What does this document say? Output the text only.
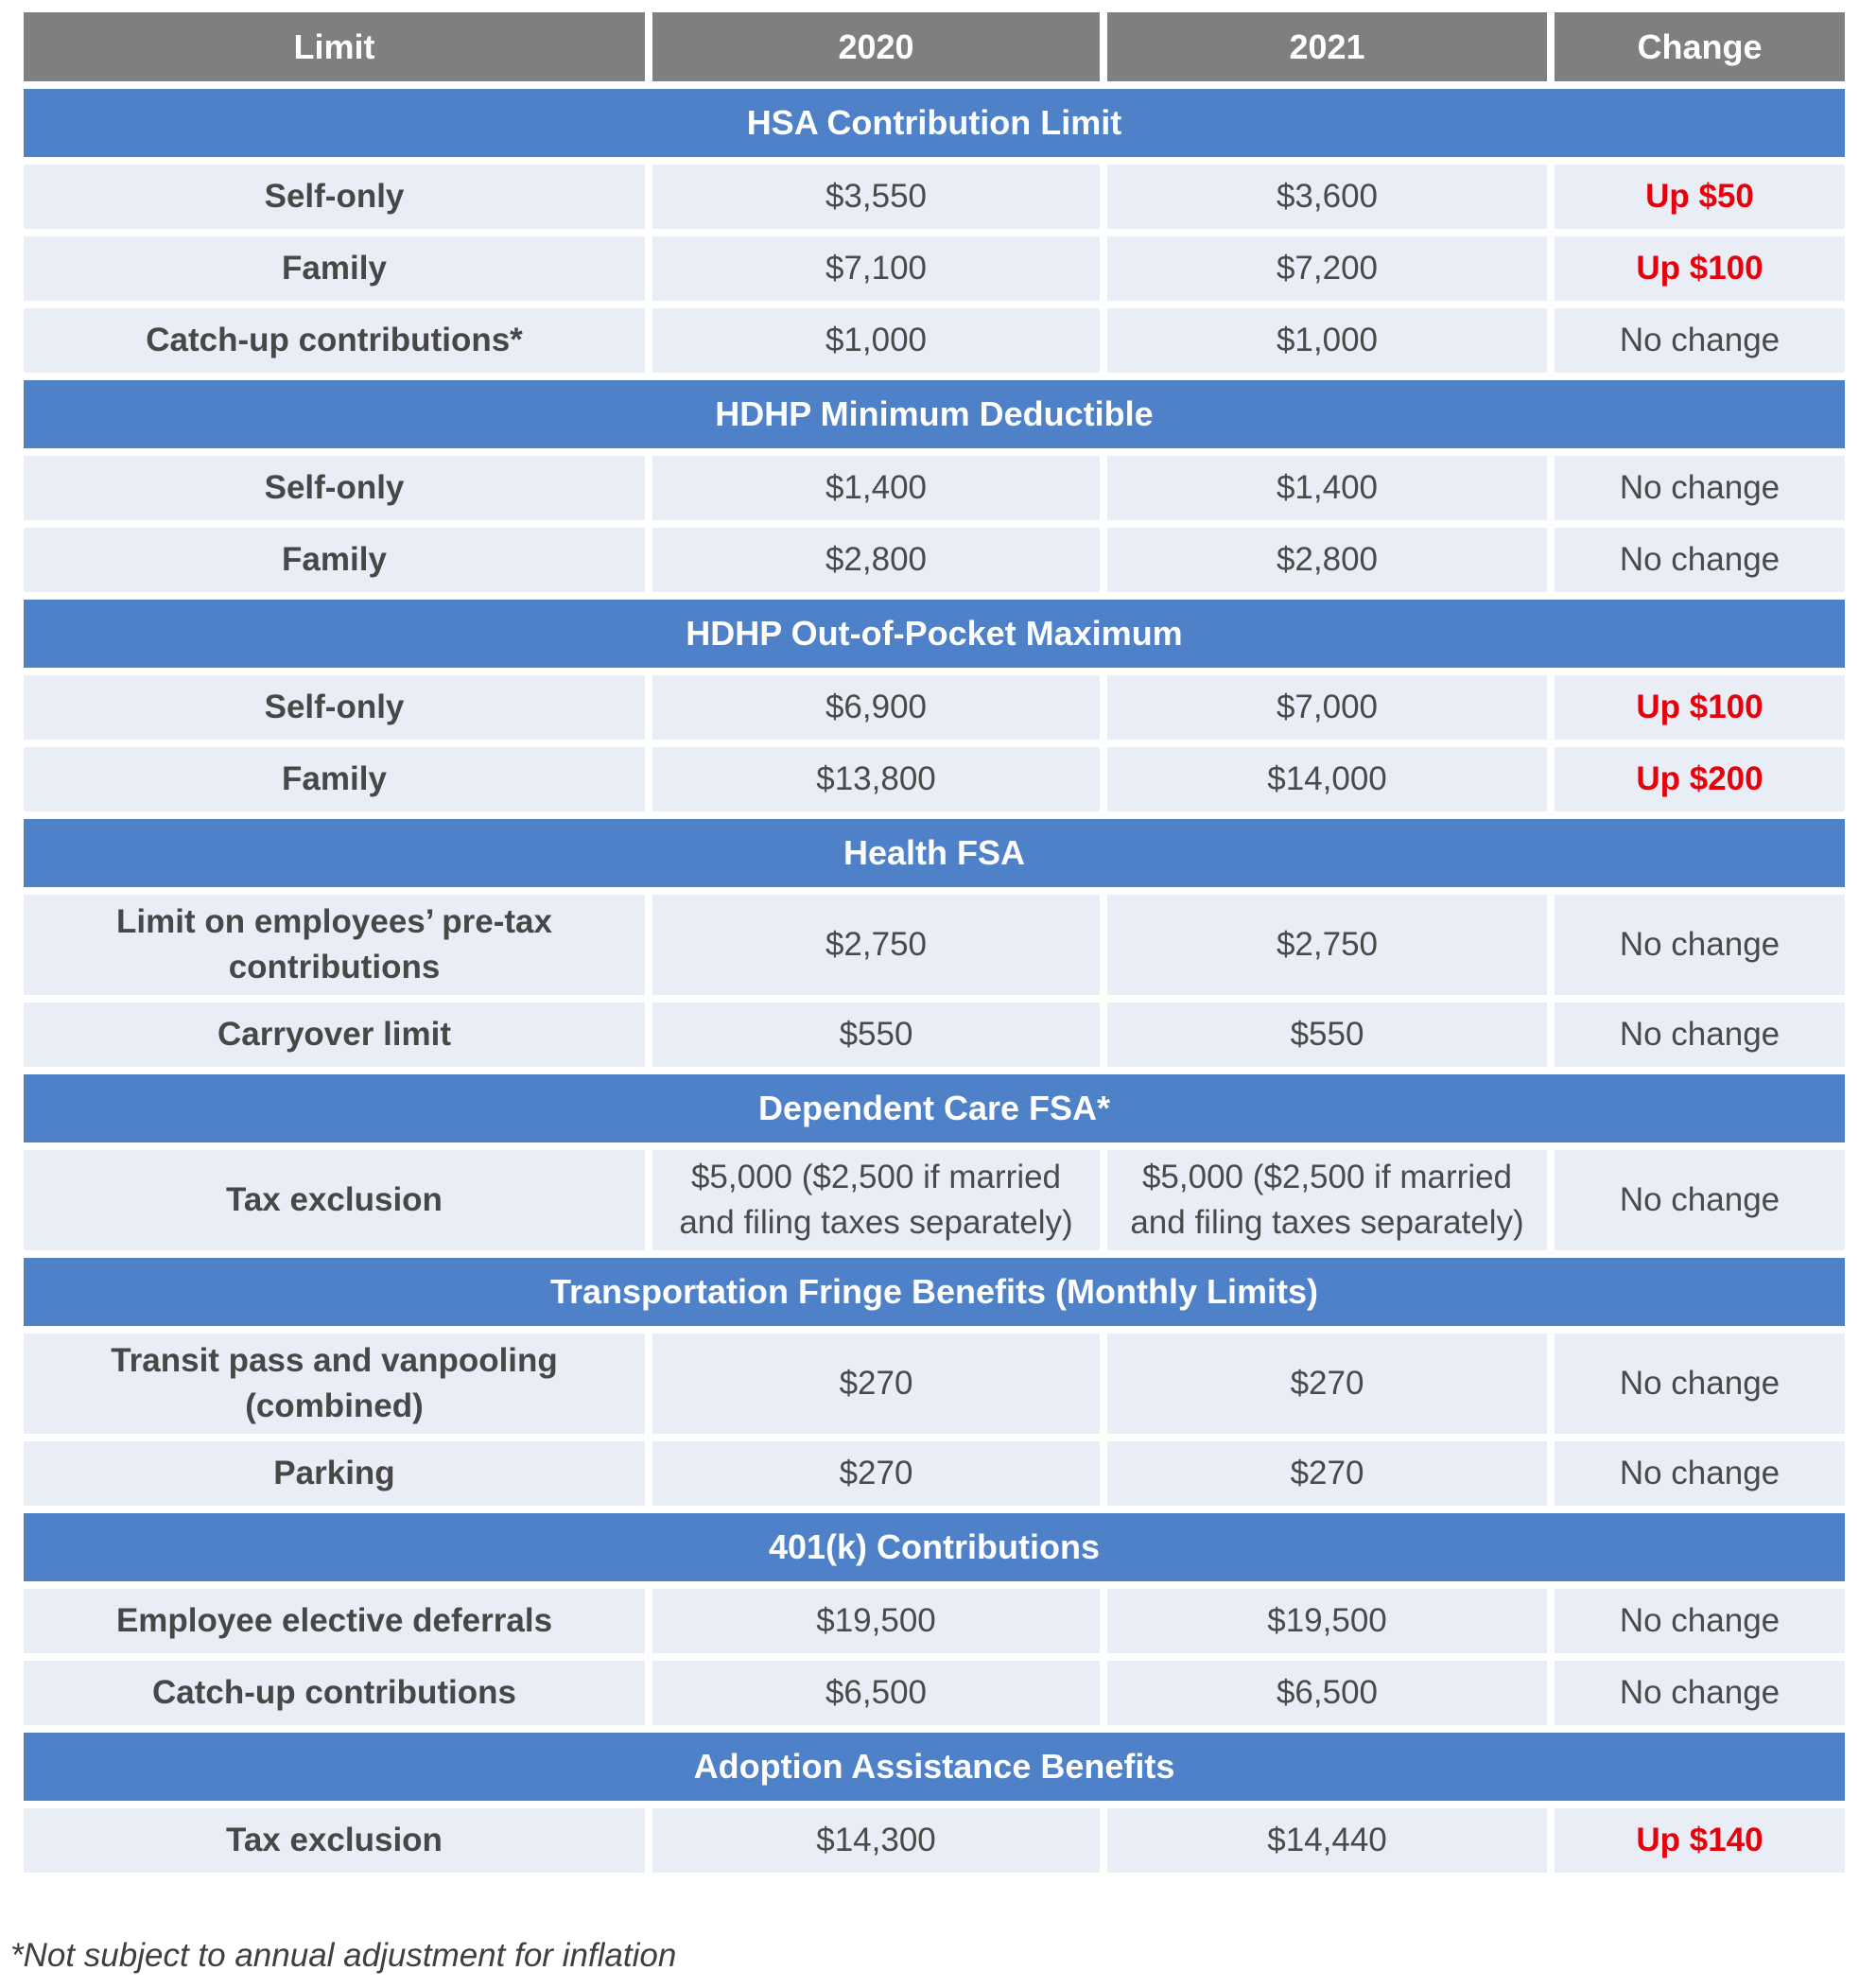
Limit	2020	2021	Change
HSA Contribution Limit			
Self-only	$3,550	$3,600	Up $50
Family	$7,100	$7,200	Up $100
Catch-up contributions*	$1,000	$1,000	No change
HDHP Minimum Deductible			
Self-only	$1,400	$1,400	No change
Family	$2,800	$2,800	No change
HDHP Out-of-Pocket Maximum			
Self-only	$6,900	$7,000	Up $100
Family	$13,800	$14,000	Up $200
Health FSA			
Limit on employees’ pre-tax contributions	$2,750	$2,750	No change
Carryover limit	$550	$550	No change
Dependent Care FSA*			
Tax exclusion	$5,000 ($2,500 if married and filing taxes separately)	$5,000 ($2,500 if married and filing taxes separately)	No change
Transportation Fringe Benefits (Monthly Limits)			
Transit pass and vanpooling (combined)	$270	$270	No change
Parking	$270	$270	No change
401(k) Contributions			
Employee elective deferrals	$19,500	$19,500	No change
Catch-up contributions	$6,500	$6,500	No change
Adoption Assistance Benefits			
Tax exclusion	$14,300	$14,440	Up $140

*Not subject to annual adjustment for inflation
